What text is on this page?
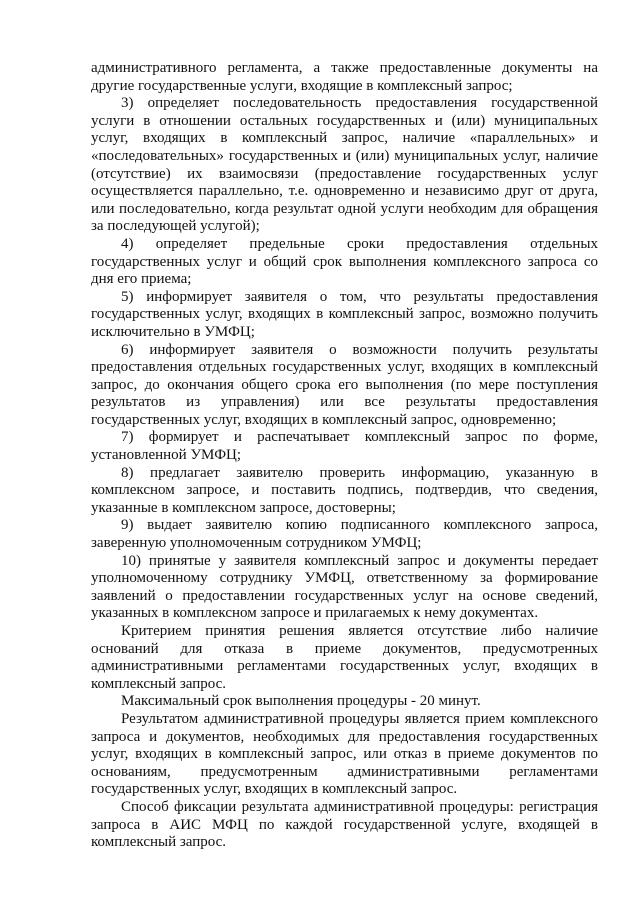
административного регламента, а также предоставленные документы на другие государственные услуги, входящие в комплексный запрос;

3) определяет последовательность предоставления государственной услуги в отношении остальных государственных и (или) муниципальных услуг, входящих в комплексный запрос, наличие «параллельных» и «последовательных» государственных и (или) муниципальных услуг, наличие (отсутствие) их взаимосвязи (предоставление государственных услуг осуществляется параллельно, т.е. одновременно и независимо друг от друга, или последовательно, когда результат одной услуги необходим для обращения за последующей услугой);

4) определяет предельные сроки предоставления отдельных государственных услуг и общий срок выполнения комплексного запроса со дня его приема;

5) информирует заявителя о том, что результаты предоставления государственных услуг, входящих в комплексный запрос, возможно получить исключительно в УМФЦ;

6) информирует заявителя о возможности получить результаты предоставления отдельных государственных услуг, входящих в комплексный запрос, до окончания общего срока его выполнения (по мере поступления результатов из управления) или все результаты предоставления государственных услуг, входящих в комплексный запрос, одновременно;

7) формирует и распечатывает комплексный запрос по форме, установленной УМФЦ;

8) предлагает заявителю проверить информацию, указанную в комплексном запросе, и поставить подпись, подтвердив, что сведения, указанные в комплексном запросе, достоверны;

9) выдает заявителю копию подписанного комплексного запроса, заверенную уполномоченным сотрудником УМФЦ;

10) принятые у заявителя комплексный запрос и документы передает уполномоченному сотруднику УМФЦ, ответственному за формирование заявлений о предоставлении государственных услуг на основе сведений, указанных в комплексном запросе и прилагаемых к нему документах.

Критерием принятия решения является отсутствие либо наличие оснований для отказа в приеме документов, предусмотренных административными регламентами государственных услуг, входящих в комплексный запрос.

Максимальный срок выполнения процедуры - 20 минут.

Результатом административной процедуры является прием комплексного запроса и документов, необходимых для предоставления государственных услуг, входящих в комплексный запрос, или отказ в приеме документов по основаниям, предусмотренным административными регламентами государственных услуг, входящих в комплексный запрос.

Способ фиксации результата административной процедуры: регистрация запроса в АИС МФЦ по каждой государственной услуге, входящей в комплексный запрос.
